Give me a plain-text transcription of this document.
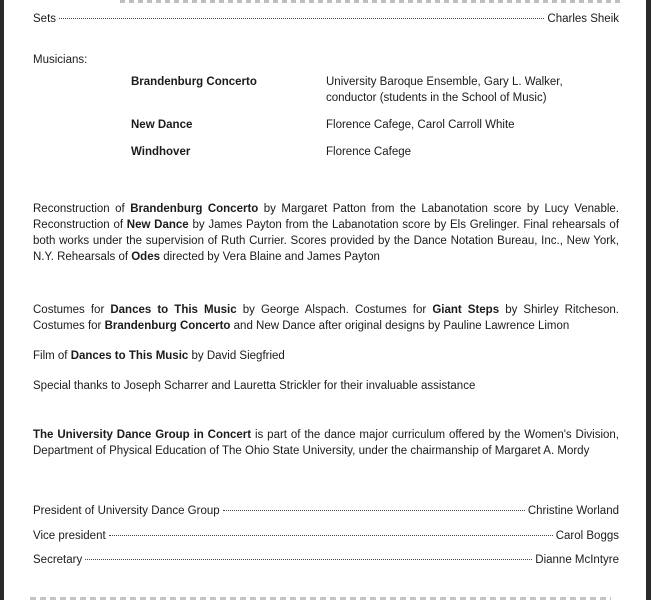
Sets	Charles Sheik
Musicians:
Brandenburg Concerto	University Baroque Ensemble, Gary L. Walker,
conductor (students in the School of Music)
New Dance	Florence Cafege, Carol Carroll White
Windhover	Florence Cafege

Reconstruction of Brandenburg Concerto by Margaret Patton from the Labanotation score by Lucy Venable. Reconstruction of New Dance by James Payton from the Labanotation score by Els Grelinger. Final rehearsals of both works under the supervision of Ruth Currier. Scores provided by the Dance Notation Bureau, Inc., New York, N.Y. Rehearsals of Odes directed by Vera Blaine and James Payton

Costumes for Dances to This Music by George Alspach. Costumes for Giant Steps by Shirley Ritcheson. Costumes for Brandenburg Concerto and New Dance after original designs by Pauline Lawrence Limon

Film of Dances to This Music by David Siegfried
Special thanks to Joseph Scharrer and Lauretta Strickler for their invaluable assistance

The University Dance Group in Concert is part of the dance major curriculum offered by the Women's Division, Department of Physical Education of The Ohio State University, under the chairmanship of Margaret A. Mordy

President of University Dance Group	Christine Worland
Vice president	Carol Boggs
Secretary	Dianne McIntyre
